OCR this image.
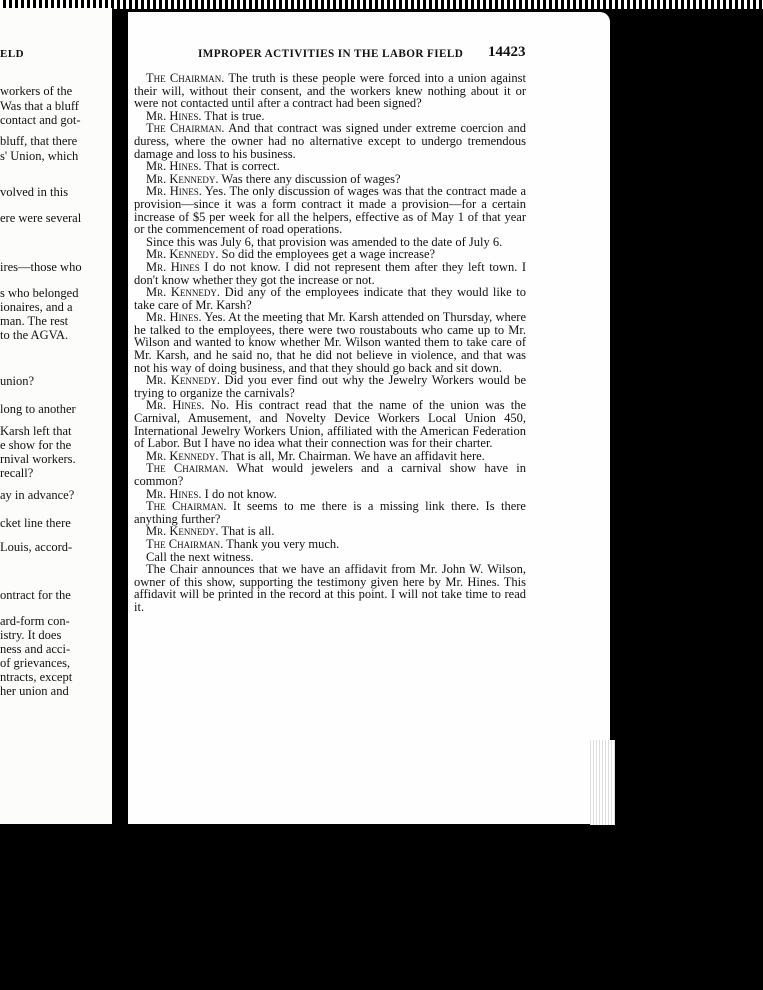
ELD
workers of the
Was that a bluff
contact and got-
bluff, that there
s' Union, which
volved in this
ere were several
ires—those who
s who belonged
ionaires, and a
man. The rest
to the AGVA.
union?
long to another
Karsh left that
e show for the
rnival workers.
recall?
ay in advance?
cket line there
Louis, accord-
ontract for the
ard-form con-
istry. It does
ness and acci-
of grievances,
ntracts, except
her union and
IMPROPER ACTIVITIES IN THE LABOR FIELD	14423

The Chairman. The truth is these people were forced into a union against their will, without their consent, and the workers knew nothing about it or were not contacted until after a contract had been signed?

Mr. Hines. That is true.

The Chairman. And that contract was signed under extreme coercion and duress, where the owner had no alternative except to undergo tremendous damage and loss to his business.

Mr. Hines. That is correct.

Mr. Kennedy. Was there any discussion of wages?

Mr. Hines. Yes. The only discussion of wages was that the contract made a provision—since it was a form contract it made a provision—for a certain increase of $5 per week for all the helpers, effective as of May 1 of that year or the commencement of road operations.

Since this was July 6, that provision was amended to the date of July 6.

Mr. Kennedy. So did the employees get a wage increase?

Mr. Hines I do not know. I did not represent them after they left town. I don't know whether they got the increase or not.

Mr. Kennedy. Did any of the employees indicate that they would like to take care of Mr. Karsh?

Mr. Hines. Yes. At the meeting that Mr. Karsh attended on Thursday, where he talked to the employees, there were two roustabouts who came up to Mr. Wilson and wanted to know whether Mr. Wilson wanted them to take care of Mr. Karsh, and he said no, that he did not believe in violence, and that was not his way of doing business, and that they should go back and sit down.

Mr. Kennedy. Did you ever find out why the Jewelry Workers would be trying to organize the carnivals?

Mr. Hines. No. His contract read that the name of the union was the Carnival, Amusement, and Novelty Device Workers Local Union 450, International Jewelry Workers Union, affiliated with the American Federation of Labor. But I have no idea what their connection was for their charter.

Mr. Kennedy. That is all, Mr. Chairman. We have an affidavit here.

The Chairman. What would jewelers and a carnival show have in common?

Mr. Hines. I do not know.

The Chairman. It seems to me there is a missing link there. Is there anything further?

Mr. Kennedy. That is all.

The Chairman. Thank you very much.

Call the next witness.

The Chair announces that we have an affidavit from Mr. John W. Wilson, owner of this show, supporting the testimony given here by Mr. Hines. This affidavit will be printed in the record at this point. I will not take time to read it.
